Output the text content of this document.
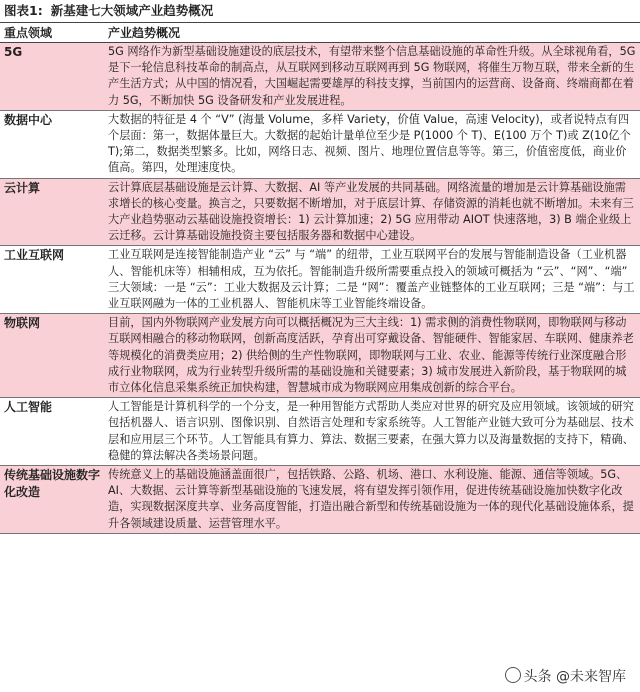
图表1: 新基建七大领域产业趋势概况
重点领域	产业趋势概况
5G	5G 网络作为新型基础设施建设的底层技术，有望带来整个信息基础设施的革命性升级。从全球视角看，5G 是下一轮信息科技革命的制高点，从互联网到移动互联网再到 5G 物联网，将催生万物互联，带来全新的生产生活方式；从中国的情况看，大国崛起需要雄厚的科技支撑，当前国内的运营商、设备商、终端商都在着力 5G，不断加快 5G 设备研发和产业发展进程。
数据中心	大数据的特征是 4 个 “V” (海量 Volume，多样 Variety，价值 Value，高速 Velocity)，或者说特点有四个层面：第一，数据体量巨大。大数据的起始计量单位至少是 P(1000 个 T)、E(100 万个 T)或 Z(10亿个 T);第二，数据类型繁多。比如，网络日志、视频、图片、地理位置信息等等。第三，价值密度低，商业价值高。第四，处理速度快。
云计算	云计算底层基础设施是云计算、大数据、AI 等产业发展的共同基础。网络流量的增加是云计算基础设施需求增长的核心变量。换言之，只要数据不断增加，对于底层计算、存储资源的消耗也就不断增加。未来有三大产业趋势驱动云基础设施投资增长：1) 云计算加速；2) 5G 应用带动 AIOT 快速落地，3) B 端企业级上云迁移。云计算基础设施投资主要包括服务器和数据中心建设。
工业互联网	工业互联网是连接智能制造产业 “云” 与 “端” 的纽带，工业互联网平台的发展与智能制造设备（工业机器人、智能机床等）相辅相成，互为依托。智能制造升级所需要重点投入的领域可概括为 “云”、“网”、“端” 三大领域：一是 “云”：工业大数据及云计算；二是 “网”：覆盖产业链整体的工业互联网；三是 “端”：与工业互联网融为一体的工业机器人、智能机床等工业智能终端设备。
物联网	目前，国内外物联网产业发展方向可以概括概况为三大主线：1) 需求侧的消费性物联网，即物联网与移动互联网相融合的移动物联网，创新高度活跃，孕育出可穿戴设备、智能硬件、智能家居、车联网、健康养老等规模化的消费类应用；2) 供给侧的生产性物联网，即物联网与工业、农业、能源等传统行业深度融合形成行业物联网，成为行业转型升级所需的基础设施和关键要素；3) 城市发展进入新阶段，基于物联网的城市立体化信息采集系统正加快构建，智慧城市成为物联网应用集成创新的综合平台。
人工智能	人工智能是计算机科学的一个分支，是一种用智能方式帮助人类应对世界的研究及应用领域。该领域的研究包括机器人、语言识别、图像识别、自然语言处理和专家系统等。人工智能产业链大致可分为基础层、技术层和应用层三个环节。人工智能具有算力、算法、数据三要素，在强大算力以及海量数据的支持下，精确、稳健的算法解决各类场景问题。
传统基础设施数字化改造	传统意义上的基础设施涵盖面很广，包括铁路、公路、机场、港口、水利设施、能源、通信等领域。5G、AI、大数据、云计算等新型基础设施的飞速发展，将有望发挥引领作用，促进传统基础设施加快数字化改造，实现数据深度共享、业务高度智能，打造出融合新型和传统基础设施为一体的现代化基础设施体系，提升各领域建设质量、运营管理水平。
头条 @未来智库
